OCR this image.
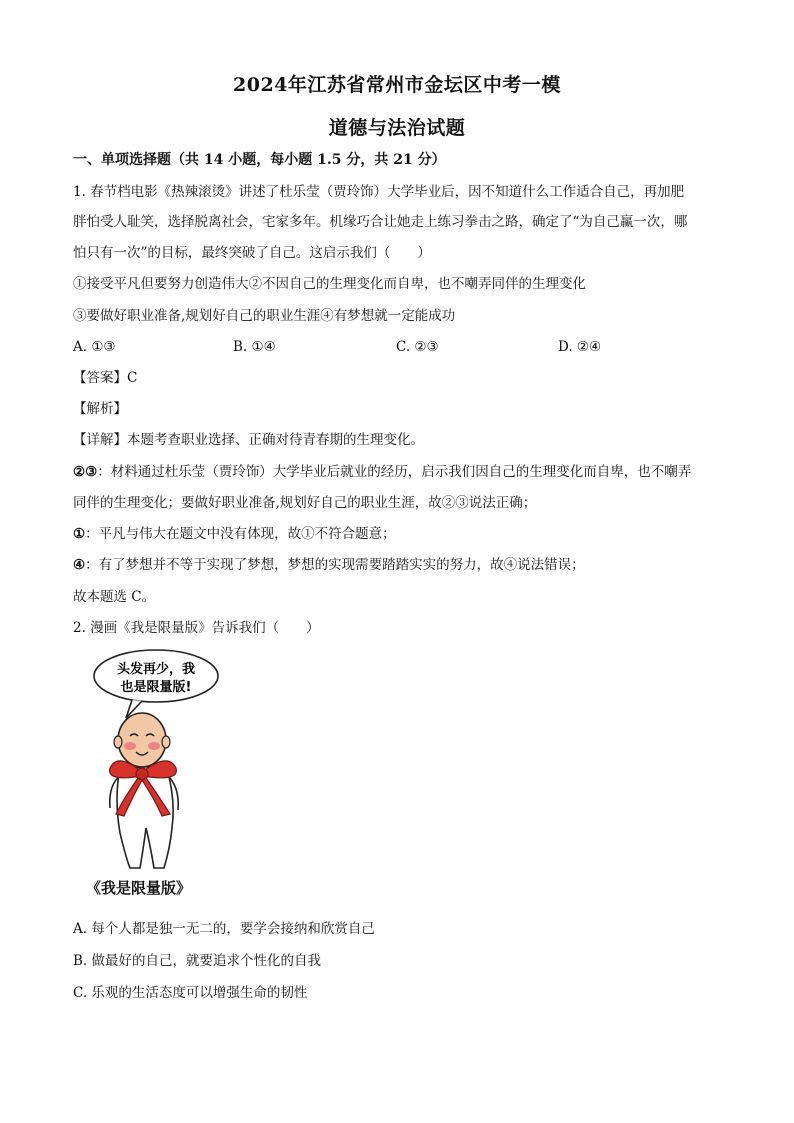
2024年江苏省常州市金坛区中考一模
道德与法治试题
一、单项选择题（共 14 小题，每小题 1.5 分，共 21 分）
1. 春节档电影《热辣滚烫》讲述了杜乐莹（贾玲饰）大学毕业后，因不知道什么工作适合自己，再加肥
胖怕受人耻笑，选择脱离社会，宅家多年。机缘巧合让她走上练习拳击之路，确定了“为自己赢一次，哪
怕只有一次”的目标，最终突破了自己。这启示我们（　　）
①接受平凡但要努力创造伟大②不因自己的生理变化而自卑，也不嘲弄同伴的生理变化
③要做好职业准备,规划好自己的职业生涯④有梦想就一定能成功
A. ①③	B. ①④	C. ②③	D. ②④
【答案】C
【解析】
【详解】本题考查职业选择、正确对待青春期的生理变化。
②③：材料通过杜乐莹（贾玲饰）大学毕业后就业的经历，启示我们因自己的生理变化而自卑，也不嘲弄
同伴的生理变化；要做好职业准备,规划好自己的职业生涯，故②③说法正确；
①：平凡与伟大在题文中没有体现，故①不符合题意；
④：有了梦想并不等于实现了梦想，梦想的实现需要踏踏实实的努力，故④说法错误；
故本题选 C。
2. 漫画《我是限量版》告诉我们（　　）
头发再少，我
也是限量版!
《我是限量版》
A. 每个人都是独一无二的，要学会接纳和欣赏自己
B. 做最好的自己，就要追求个性化的自我
C. 乐观的生活态度可以增强生命的韧性
